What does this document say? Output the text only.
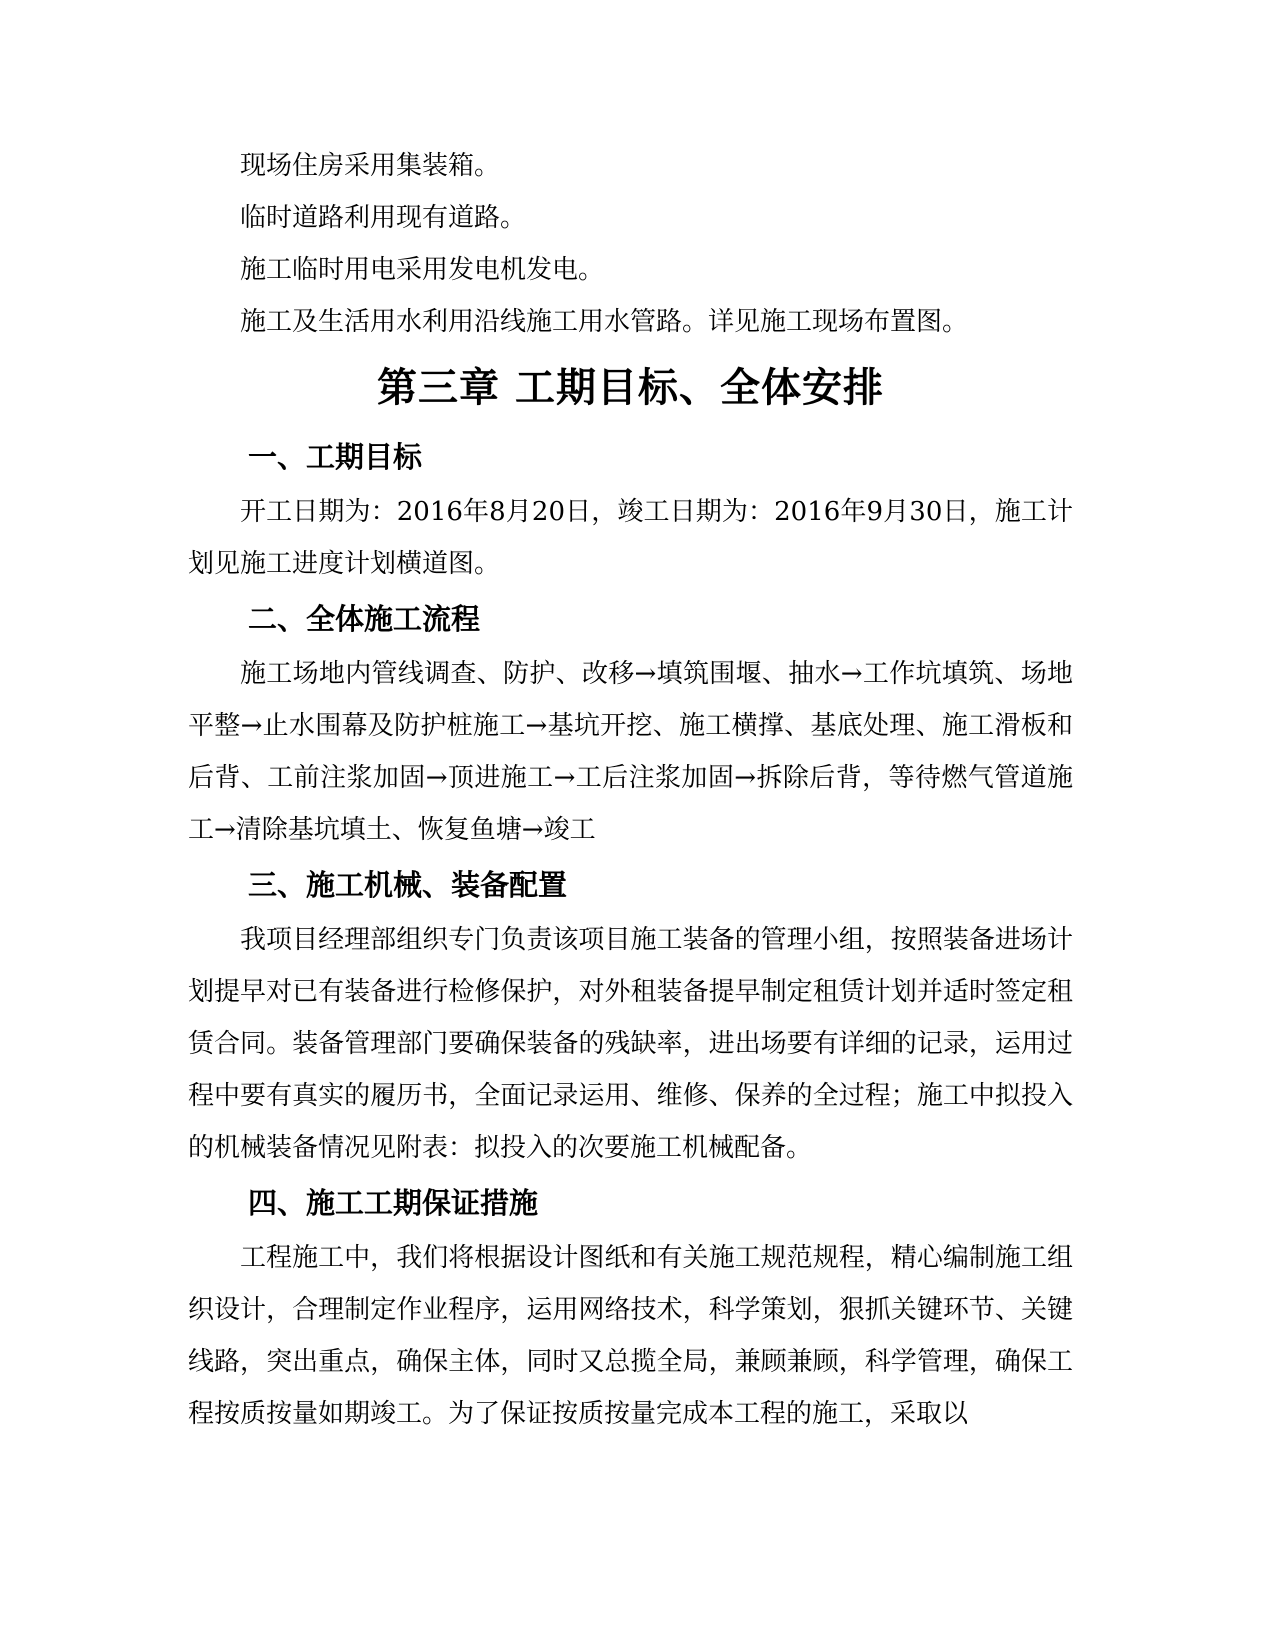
现场住房采用集装箱。

临时道路利用现有道路。

施工临时用电采用发电机发电。

施工及生活用水利用沿线施工用水管路。详见施工现场布置图。

第三章 工期目标、全体安排
一、工期目标

开工日期为：2016年8月20日，竣工日期为：2016年9月30日，施工计划见施工进度计划横道图。

二、全体施工流程

施工场地内管线调查、防护、改移→填筑围堰、抽水→工作坑填筑、场地平整→止水围幕及防护桩施工→基坑开挖、施工横撑、基底处理、施工滑板和后背、工前注浆加固→顶进施工→工后注浆加固→拆除后背，等待燃气管道施工→清除基坑填土、恢复鱼塘→竣工

三、施工机械、装备配置

我项目经理部组织专门负责该项目施工装备的管理小组，按照装备进场计划提早对已有装备进行检修保护，对外租装备提早制定租赁计划并适时签定租赁合同。装备管理部门要确保装备的残缺率，进出场要有详细的记录，运用过程中要有真实的履历书，全面记录运用、维修、保养的全过程；施工中拟投入的机械装备情况见附表：拟投入的次要施工机械配备。

四、施工工期保证措施

工程施工中，我们将根据设计图纸和有关施工规范规程，精心编制施工组织设计，合理制定作业程序，运用网络技术，科学策划，狠抓关键环节、关键线路，突出重点，确保主体，同时又总揽全局，兼顾兼顾，科学管理，确保工程按质按量如期竣工。为了保证按质按量完成本工程的施工，采取以
